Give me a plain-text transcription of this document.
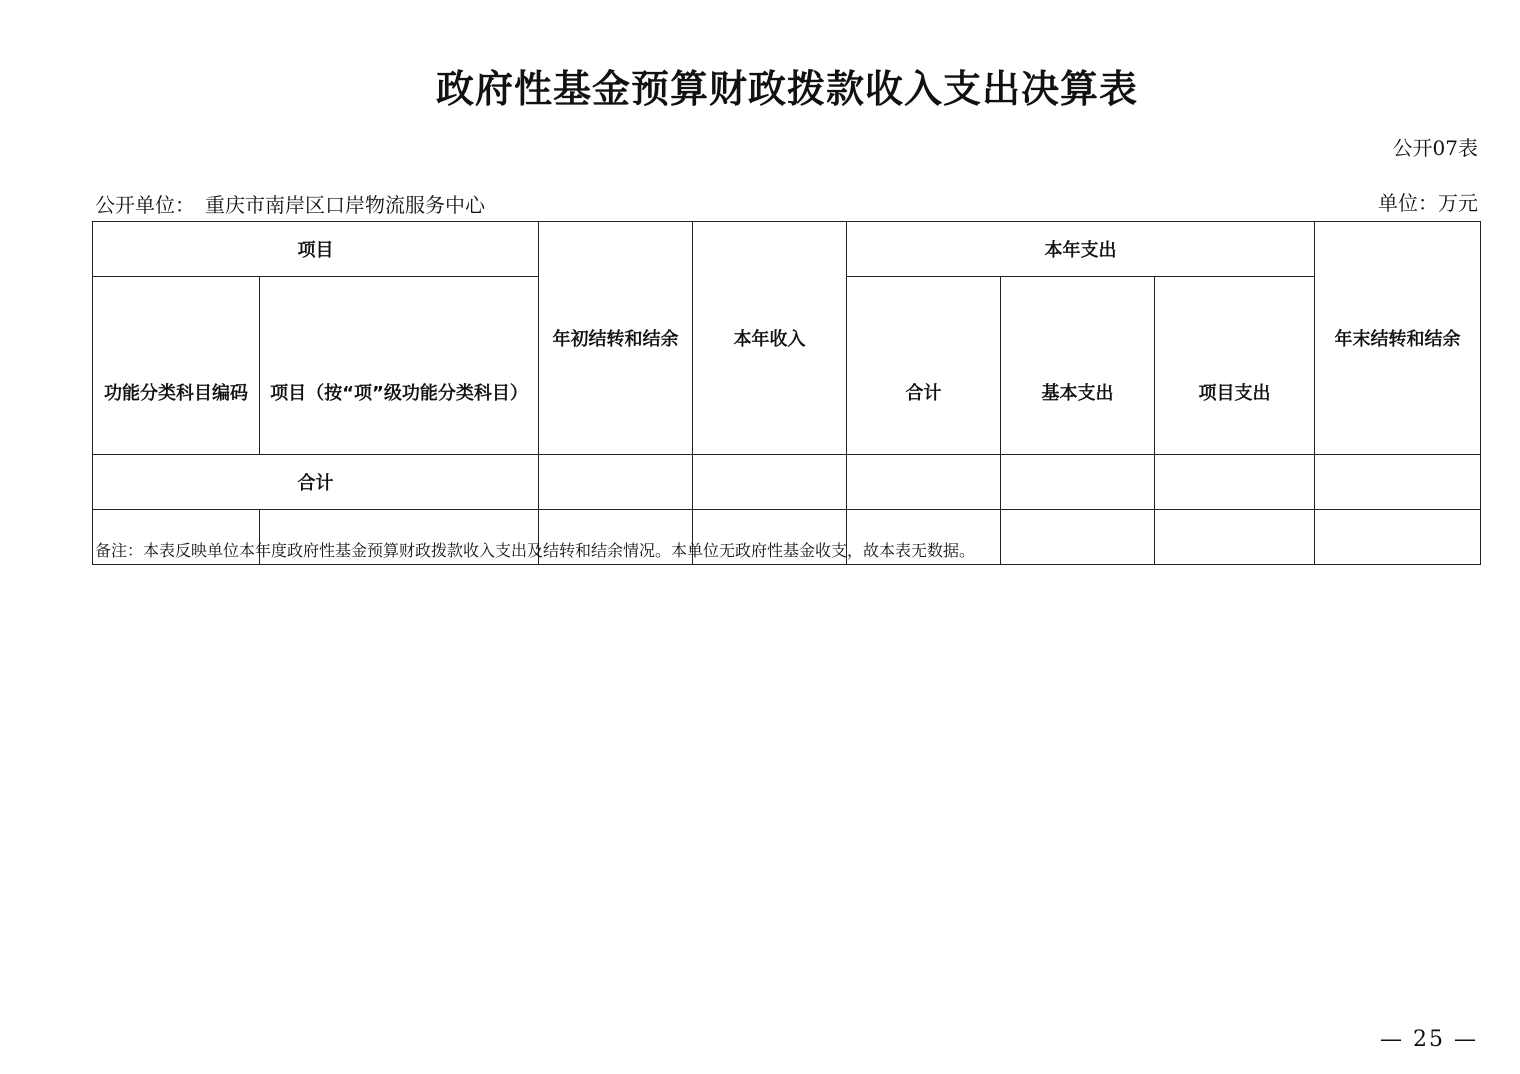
政府性基金预算财政拨款收入支出决算表
公开07表
公开单位： 重庆市南岸区口岸物流服务中心	单位：万元
项目		年初结转和结余	本年收入	本年支出			年末结转和结余
功能分类科目编码	项目（按“项”级功能分类科目）			合计	基本支出	项目支出	
合计							

备注：本表反映单位本年度政府性基金预算财政拨款收入支出及结转和结余情况。本单位无政府性基金收支，故本表无数据。
— 25 —
